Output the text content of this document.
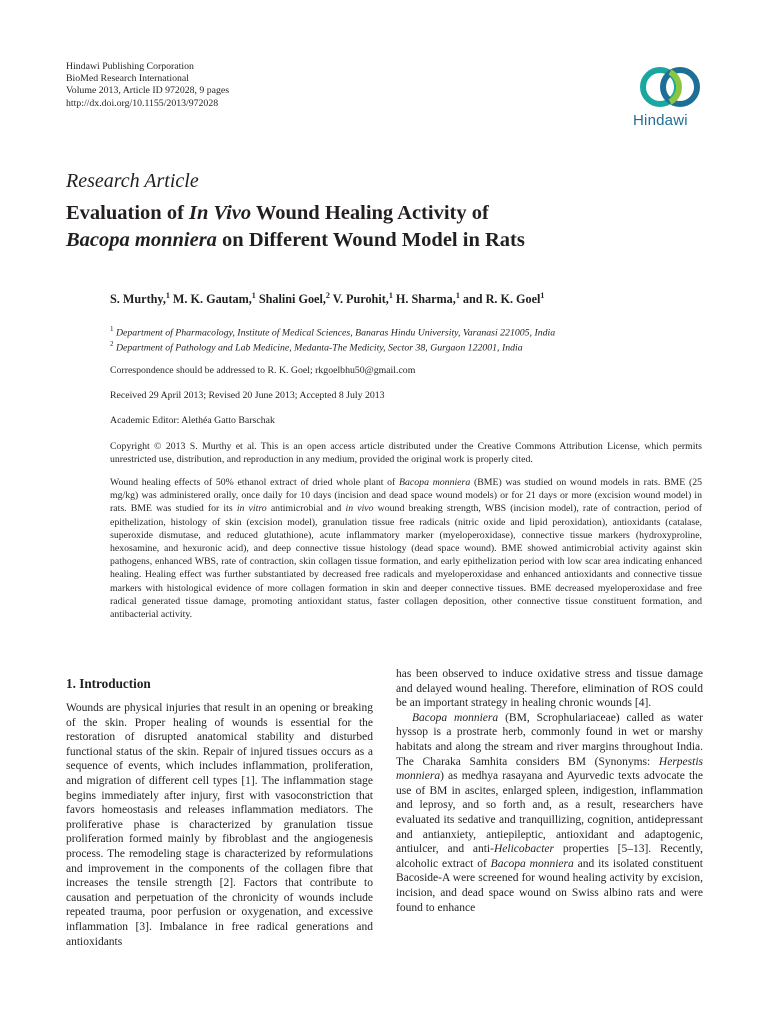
Hindawi Publishing Corporation
BioMed Research International
Volume 2013, Article ID 972028, 9 pages
http://dx.doi.org/10.1155/2013/972028
Hindawi
Research Article
Evaluation of In Vivo Wound Healing Activity of
Bacopa monniera on Different Wound Model in Rats
S. Murthy,$^1$ M. K. Gautam,$^1$ Shalini Goel,$^2$ V. Purohit,$^1$ H. Sharma,$^1$ and R. K. Goel$^1$
$^1$ Department of Pharmacology, Institute of Medical Sciences, Banaras Hindu University, Varanasi 221005, India
$^2$ Department of Pathology and Lab Medicine, Medanta-The Medicity, Sector 38, Gurgaon 122001, India
Correspondence should be addressed to R. K. Goel; rkgoelbhu50@gmail.com
Received 29 April 2013; Revised 20 June 2013; Accepted 8 July 2013
Academic Editor: Alethéa Gatto Barschak
Copyright © 2013 S. Murthy et al. This is an open access article distributed under the Creative Commons Attribution License, which permits unrestricted use, distribution, and reproduction in any medium, provided the original work is properly cited.
Wound healing effects of 50% ethanol extract of dried whole plant of Bacopa monniera (BME) was studied on wound models in rats. BME (25 mg/kg) was administered orally, once daily for 10 days (incision and dead space wound models) or for 21 days or more (excision wound model) in rats. BME was studied for its in vitro antimicrobial and in vivo wound breaking strength, WBS (incision model), rate of contraction, period of epithelization, histology of skin (excision model), granulation tissue free radicals (nitric oxide and lipid peroxidation), antioxidants (catalase, superoxide dismutase, and reduced glutathione), acute inflammatory marker (myeloperoxidase), connective tissue markers (hydroxyproline, hexosamine, and hexuronic acid), and deep connective tissue histology (dead space wound). BME showed antimicrobial activity against skin pathogens, enhanced WBS, rate of contraction, skin collagen tissue formation, and early epithelization period with low scar area indicating enhanced healing. Healing effect was further substantiated by decreased free radicals and myeloperoxidase and enhanced antioxidants and connective tissue markers with histological evidence of more collagen formation in skin and deeper connective tissues. BME decreased myeloperoxidase and free radical generated tissue damage, promoting antioxidant status, faster collagen deposition, other connective tissue constituent formation, and antibacterial activity.
1. Introduction
Wounds are physical injuries that result in an opening or breaking of the skin. Proper healing of wounds is essential for the restoration of disrupted anatomical stability and disturbed functional status of the skin. Repair of injured tissues occurs as a sequence of events, which includes inflammation, proliferation, and migration of different cell types [1]. The inflammation stage begins immediately after injury, first with vasoconstriction that favors homeostasis and releases inflammation mediators. The proliferative phase is characterized by granulation tissue proliferation formed mainly by fibroblast and the angiogenesis process. The remodeling stage is characterized by reformulations and improvement in the components of the collagen fibre that increases the tensile strength [2]. Factors that contribute to causation and perpetuation of the chronicity of wounds include repeated trauma, poor perfusion or oxygenation, and excessive inflammation [3]. Imbalance in free radical generations and antioxidants
has been observed to induce oxidative stress and tissue damage and delayed wound healing. Therefore, elimination of ROS could be an important strategy in healing chronic wounds [4].
Bacopa monniera (BM, Scrophulariaceae) called as water hyssop is a prostrate herb, commonly found in wet or marshy habitats and along the stream and river margins throughout India. The Charaka Samhita considers BM (Synonyms: Herpestis monniera) as medhya rasayana and Ayurvedic texts advocate the use of BM in ascites, enlarged spleen, indigestion, inflammation and leprosy, and so forth and, as a result, researchers have evaluated its sedative and tranquillizing, cognition, antidepressant and antianxiety, antiepileptic, antioxidant and adaptogenic, antiulcer, and anti-Helicobacter properties [5–13]. Recently, alcoholic extract of Bacopa monniera and its isolated constituent Bacoside-A were screened for wound healing activity by excision, incision, and dead space wound on Swiss albino rats and were found to enhance
